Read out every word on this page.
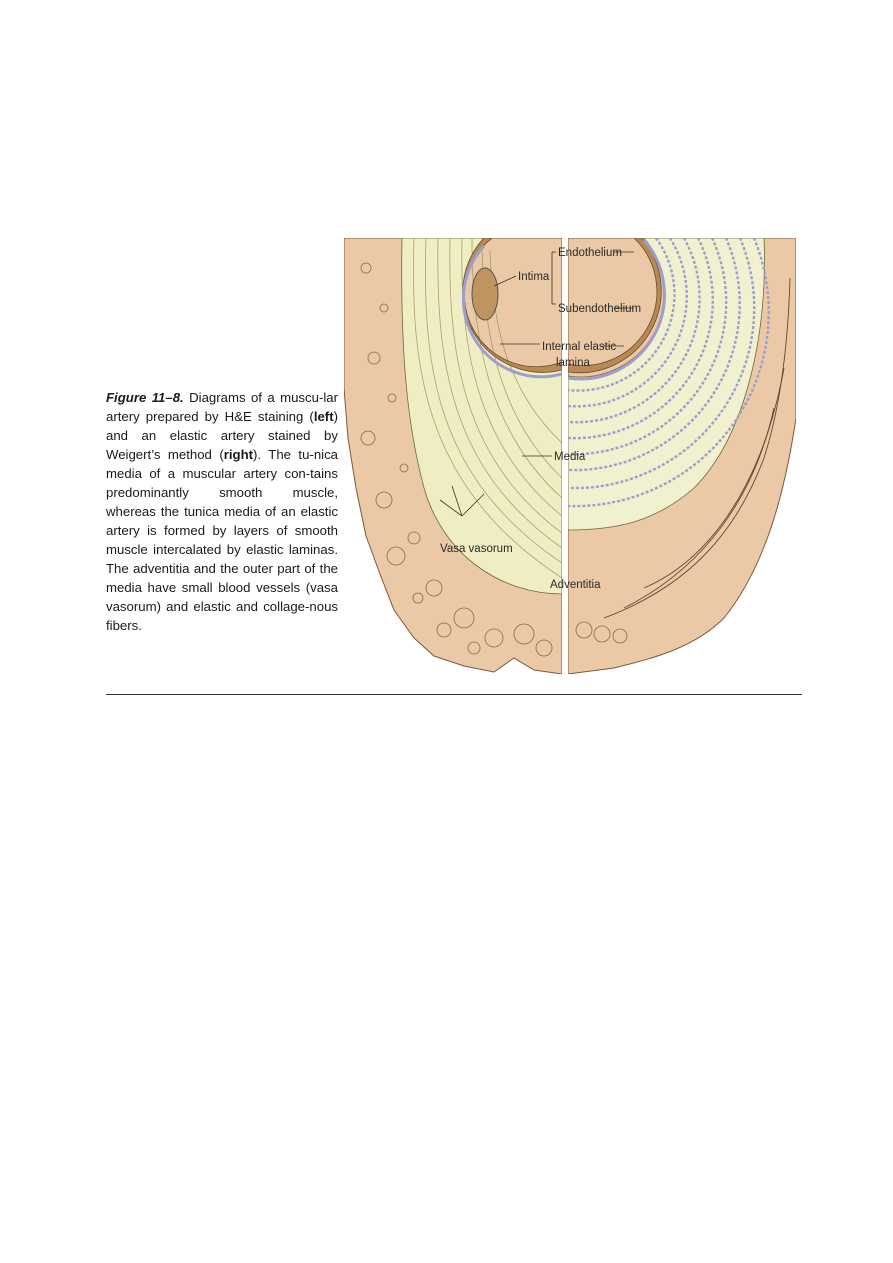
Figure 11–8. Diagrams of a muscu-lar artery prepared by H&E staining (left) and an elastic artery stained by Weigert’s method (right). The tu-nica media of a muscular artery con-tains predominantly smooth muscle, whereas the tunica media of an elastic artery is formed by layers of smooth muscle intercalated by elastic laminas. The adventitia and the outer part of the media have small blood vessels (vasa vasorum) and elastic and collage-nous fibers.
Endothelium
Intima
Subendothelium
Internal elastic
lamina
Media
Vasa vasorum
Adventitia
